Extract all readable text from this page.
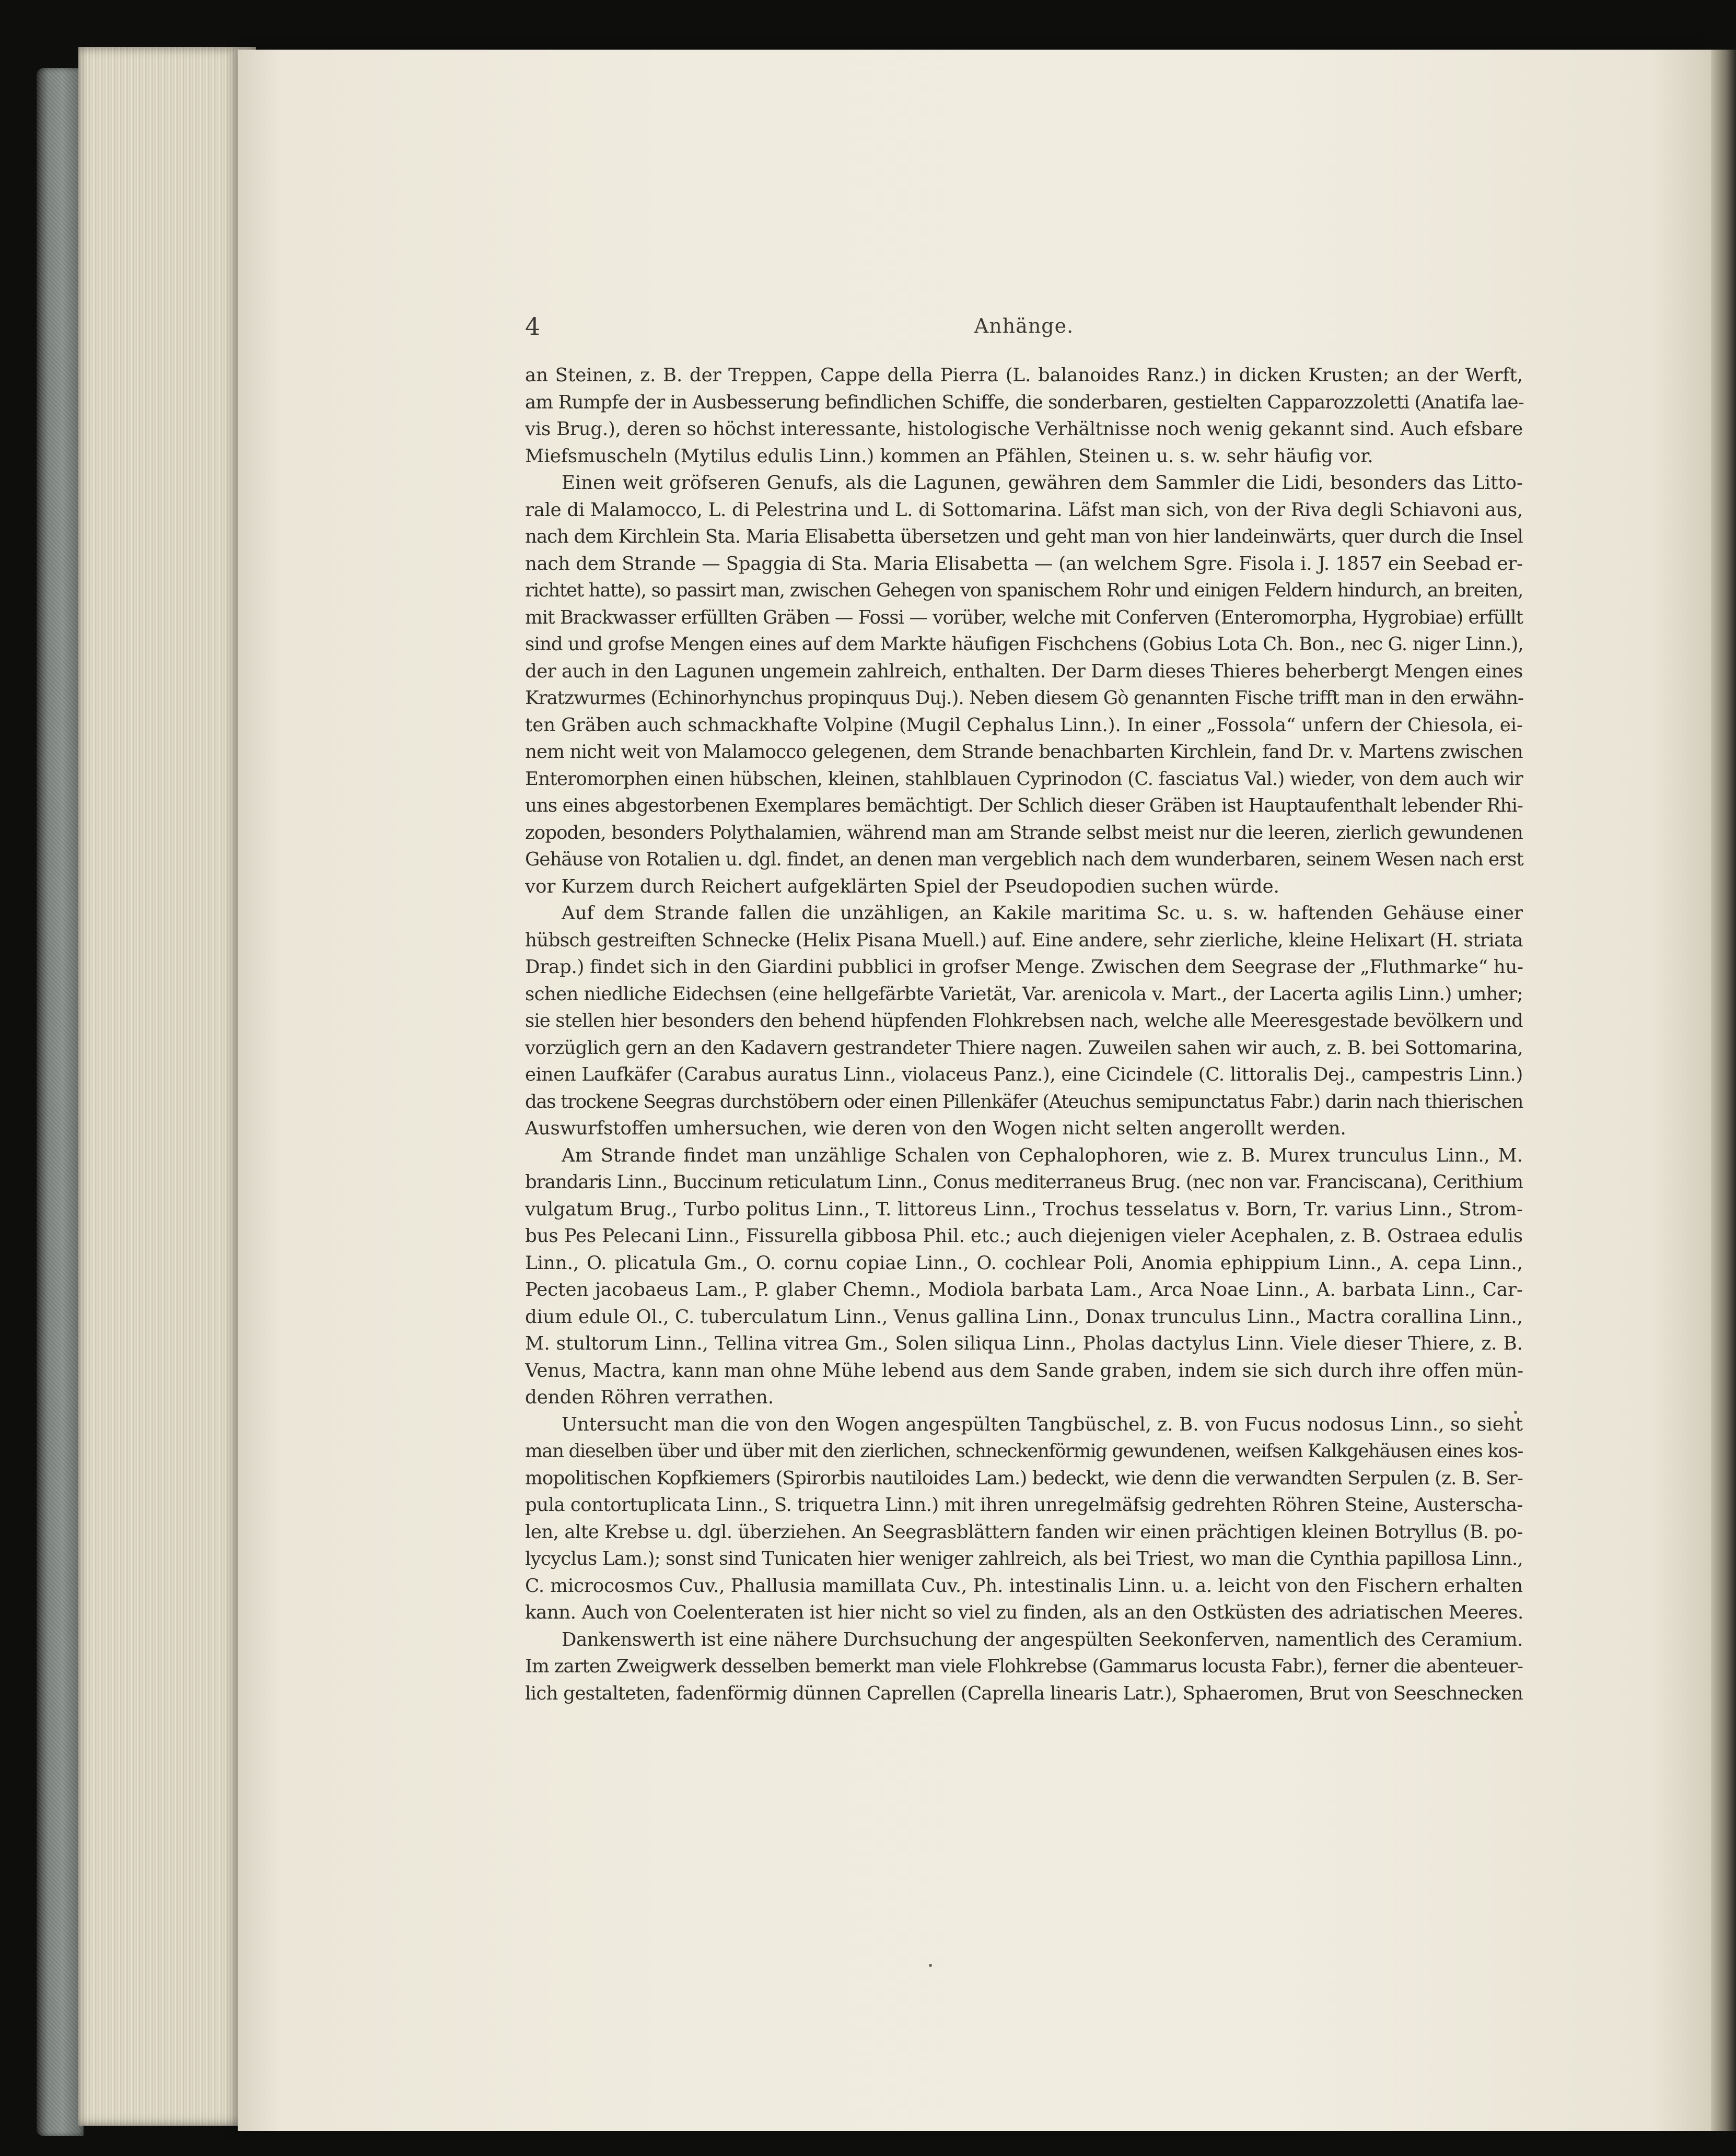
4	Anhänge.
an Steinen, z. B. der Treppen, Cappe della Pierra (L. balanoides Ranz.) in dicken Krusten; an der Werft,
am Rumpfe der in Ausbesserung befindlichen Schiffe, die sonderbaren, gestielten Capparozzoletti (Anatifa lae-
vis Brug.), deren so höchst interessante, histologische Verhältnisse noch wenig gekannt sind. Auch efsbare
Miefsmuscheln (Mytilus edulis Linn.) kommen an Pfählen, Steinen u. s. w. sehr häufig vor.
Einen weit gröfseren Genufs, als die Lagunen, gewähren dem Sammler die Lidi, besonders das Litto-
rale di Malamocco, L. di Pelestrina und L. di Sottomarina. Läfst man sich, von der Riva degli Schiavoni aus,
nach dem Kirchlein Sta. Maria Elisabetta übersetzen und geht man von hier landeinwärts, quer durch die Insel
nach dem Strande — Spaggia di Sta. Maria Elisabetta — (an welchem Sgre. Fisola i. J. 1857 ein Seebad er-
richtet hatte), so passirt man, zwischen Gehegen von spanischem Rohr und einigen Feldern hindurch, an breiten,
mit Brackwasser erfüllten Gräben — Fossi — vorüber, welche mit Conferven (Enteromorpha, Hygrobiae) erfüllt
sind und grofse Mengen eines auf dem Markte häufigen Fischchens (Gobius Lota Ch. Bon., nec G. niger Linn.),
der auch in den Lagunen ungemein zahlreich, enthalten. Der Darm dieses Thieres beherbergt Mengen eines
Kratzwurmes (Echinorhynchus propinquus Duj.). Neben diesem Gò genannten Fische trifft man in den erwähn-
ten Gräben auch schmackhafte Volpine (Mugil Cephalus Linn.). In einer „Fossola“ unfern der Chiesola, ei-
nem nicht weit von Malamocco gelegenen, dem Strande benachbarten Kirchlein, fand Dr. v. Martens zwischen
Enteromorphen einen hübschen, kleinen, stahlblauen Cyprinodon (C. fasciatus Val.) wieder, von dem auch wir
uns eines abgestorbenen Exemplares bemächtigt. Der Schlich dieser Gräben ist Hauptaufenthalt lebender Rhi-
zopoden, besonders Polythalamien, während man am Strande selbst meist nur die leeren, zierlich gewundenen
Gehäuse von Rotalien u. dgl. findet, an denen man vergeblich nach dem wunderbaren, seinem Wesen nach erst
vor Kurzem durch Reichert aufgeklärten Spiel der Pseudopodien suchen würde.
Auf dem Strande fallen die unzähligen, an Kakile maritima Sc. u. s. w. haftenden Gehäuse einer
hübsch gestreiften Schnecke (Helix Pisana Muell.) auf. Eine andere, sehr zierliche, kleine Helixart (H. striata
Drap.) findet sich in den Giardini pubblici in grofser Menge. Zwischen dem Seegrase der „Fluthmarke“ hu-
schen niedliche Eidechsen (eine hellgefärbte Varietät, Var. arenicola v. Mart., der Lacerta agilis Linn.) umher;
sie stellen hier besonders den behend hüpfenden Flohkrebsen nach, welche alle Meeresgestade bevölkern und
vorzüglich gern an den Kadavern gestrandeter Thiere nagen. Zuweilen sahen wir auch, z. B. bei Sottomarina,
einen Laufkäfer (Carabus auratus Linn., violaceus Panz.), eine Cicindele (C. littoralis Dej., campestris Linn.)
das trockene Seegras durchstöbern oder einen Pillenkäfer (Ateuchus semipunctatus Fabr.) darin nach thierischen
Auswurfstoffen umhersuchen, wie deren von den Wogen nicht selten angerollt werden.
Am Strande findet man unzählige Schalen von Cephalophoren, wie z. B. Murex trunculus Linn., M.
brandaris Linn., Buccinum reticulatum Linn., Conus mediterraneus Brug. (nec non var. Franciscana), Cerithium
vulgatum Brug., Turbo politus Linn., T. littoreus Linn., Trochus tesselatus v. Born, Tr. varius Linn., Strom-
bus Pes Pelecani Linn., Fissurella gibbosa Phil. etc.; auch diejenigen vieler Acephalen, z. B. Ostraea edulis
Linn., O. plicatula Gm., O. cornu copiae Linn., O. cochlear Poli, Anomia ephippium Linn., A. cepa Linn.,
Pecten jacobaeus Lam., P. glaber Chemn., Modiola barbata Lam., Arca Noae Linn., A. barbata Linn., Car-
dium edule Ol., C. tuberculatum Linn., Venus gallina Linn., Donax trunculus Linn., Mactra corallina Linn.,
M. stultorum Linn., Tellina vitrea Gm., Solen siliqua Linn., Pholas dactylus Linn. Viele dieser Thiere, z. B.
Venus, Mactra, kann man ohne Mühe lebend aus dem Sande graben, indem sie sich durch ihre offen mün-
denden Röhren verrathen.
Untersucht man die von den Wogen angespülten Tangbüschel, z. B. von Fucus nodosus Linn., so sieht
man dieselben über und über mit den zierlichen, schneckenförmig gewundenen, weifsen Kalkgehäusen eines kos-
mopolitischen Kopfkiemers (Spirorbis nautiloides Lam.) bedeckt, wie denn die verwandten Serpulen (z. B. Ser-
pula contortuplicata Linn., S. triquetra Linn.) mit ihren unregelmäfsig gedrehten Röhren Steine, Austerscha-
len, alte Krebse u. dgl. überziehen. An Seegrasblättern fanden wir einen prächtigen kleinen Botryllus (B. po-
lycyclus Lam.); sonst sind Tunicaten hier weniger zahlreich, als bei Triest, wo man die Cynthia papillosa Linn.,
C. microcosmos Cuv., Phallusia mamillata Cuv., Ph. intestinalis Linn. u. a. leicht von den Fischern erhalten
kann. Auch von Coelenteraten ist hier nicht so viel zu finden, als an den Ostküsten des adriatischen Meeres.
Dankenswerth ist eine nähere Durchsuchung der angespülten Seekonferven, namentlich des Ceramium.
Im zarten Zweigwerk desselben bemerkt man viele Flohkrebse (Gammarus locusta Fabr.), ferner die abenteuer-
lich gestalteten, fadenförmig dünnen Caprellen (Caprella linearis Latr.), Sphaeromen, Brut von Seeschnecken
